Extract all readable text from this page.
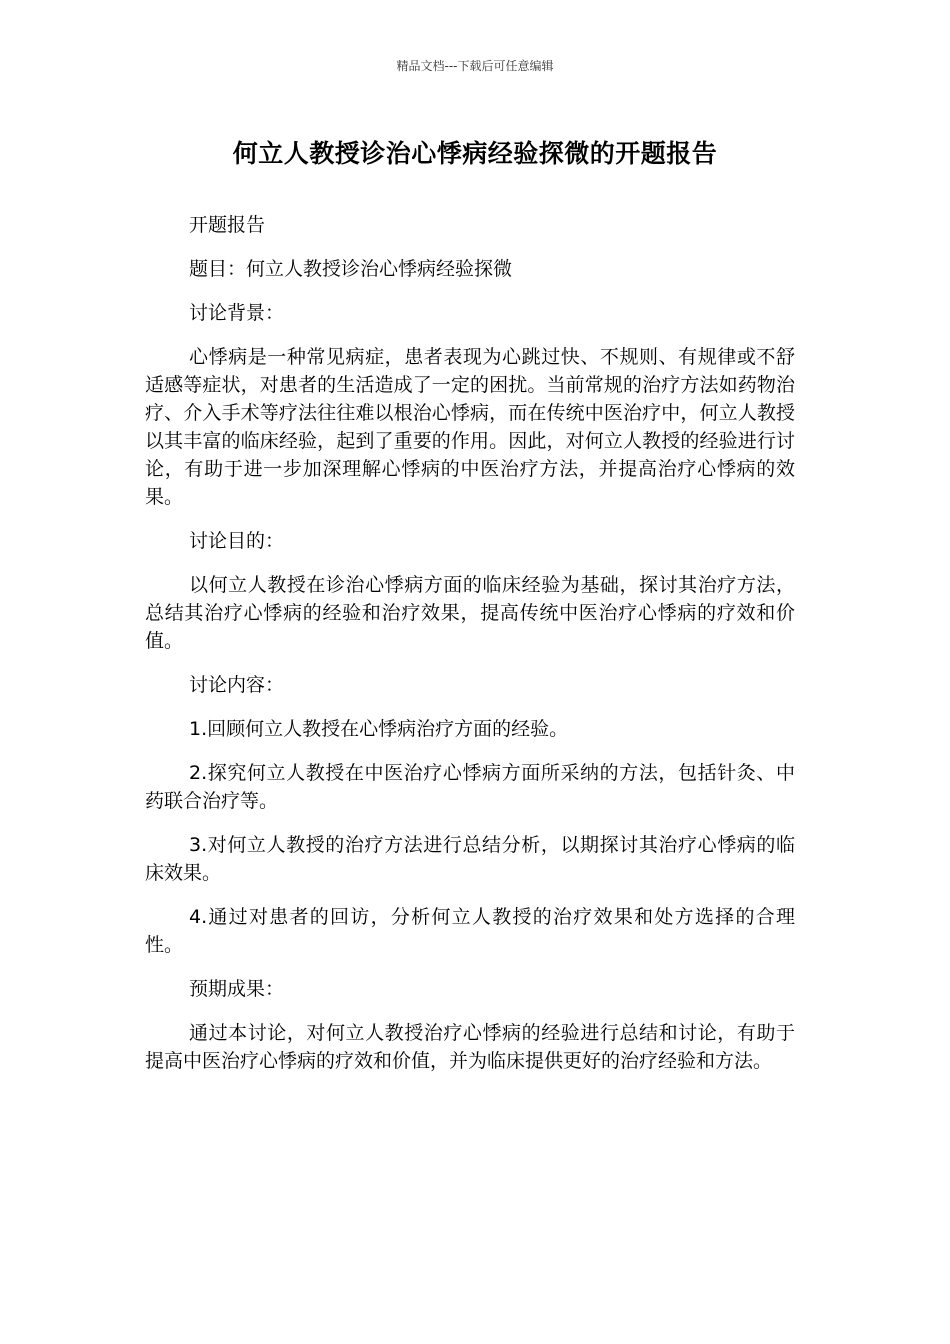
精品文档---下载后可任意编辑
何立人教授诊治心悸病经验探微的开题报告

开题报告

题目：何立人教授诊治心悸病经验探微

讨论背景：

心悸病是一种常见病症，患者表现为心跳过快、不规则、有规律或不舒适感等症状，对患者的生活造成了一定的困扰。当前常规的治疗方法如药物治疗、介入手术等疗法往往难以根治心悸病，而在传统中医治疗中，何立人教授以其丰富的临床经验，起到了重要的作用。因此，对何立人教授的经验进行讨论，有助于进一步加深理解心悸病的中医治疗方法，并提高治疗心悸病的效果。

讨论目的：

以何立人教授在诊治心悸病方面的临床经验为基础，探讨其治疗方法，总结其治疗心悸病的经验和治疗效果，提高传统中医治疗心悸病的疗效和价值。

讨论内容：

1.回顾何立人教授在心悸病治疗方面的经验。

2.探究何立人教授在中医治疗心悸病方面所采纳的方法，包括针灸、中药联合治疗等。

3.对何立人教授的治疗方法进行总结分析，以期探讨其治疗心悸病的临床效果。

4.通过对患者的回访，分析何立人教授的治疗效果和处方选择的合理性。

预期成果：

通过本讨论，对何立人教授治疗心悸病的经验进行总结和讨论，有助于提高中医治疗心悸病的疗效和价值，并为临床提供更好的治疗经验和方法。
